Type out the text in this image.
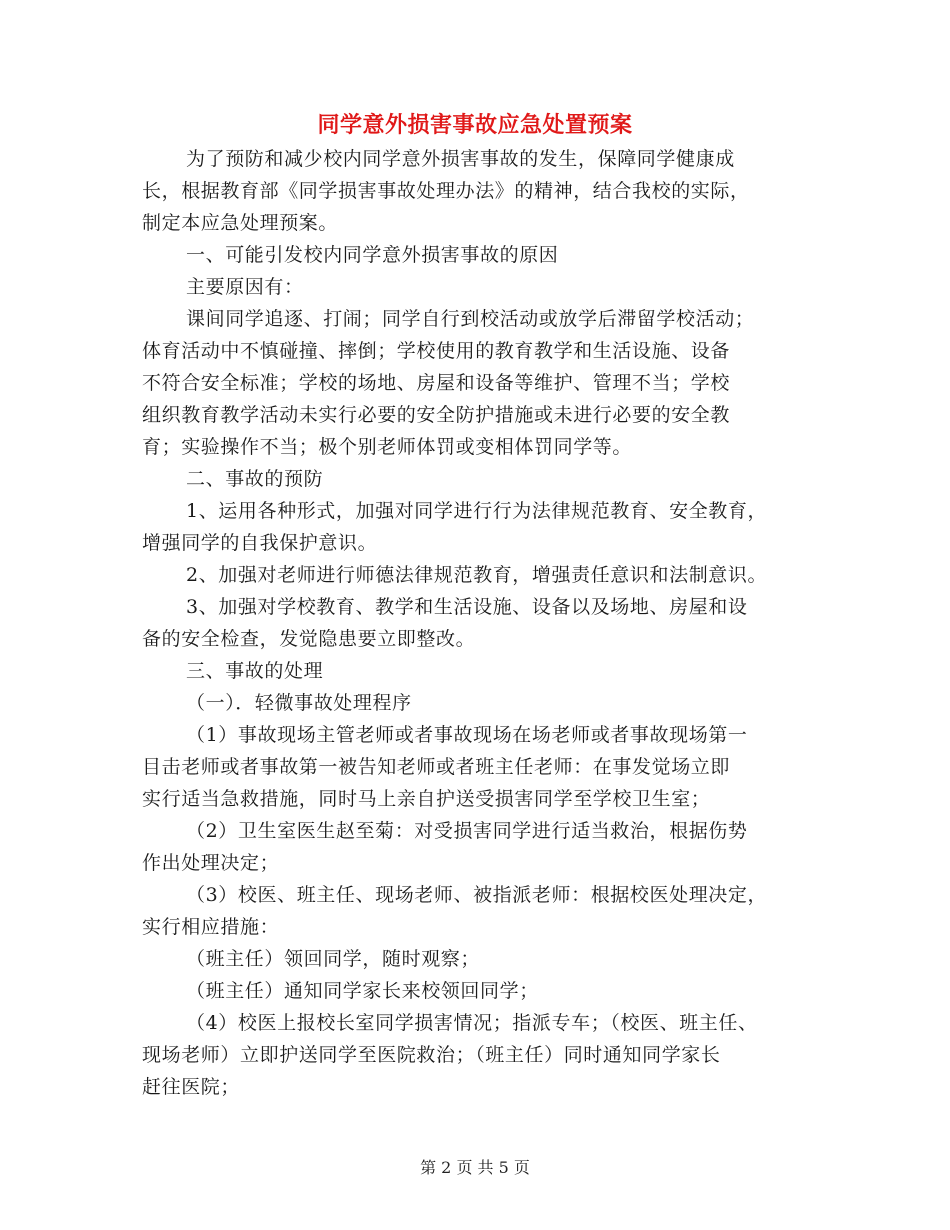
同学意外损害事故应急处置预案
为了预防和减少校内同学意外损害事故的发生，保障同学健康成
长，根据教育部《同学损害事故处理办法》的精神，结合我校的实际，
制定本应急处理预案。
一、可能引发校内同学意外损害事故的原因
主要原因有：
课间同学追逐、打闹；同学自行到校活动或放学后滞留学校活动；
体育活动中不慎碰撞、摔倒；学校使用的教育教学和生活设施、设备
不符合安全标准；学校的场地、房屋和设备等维护、管理不当；学校
组织教育教学活动未实行必要的安全防护措施或未进行必要的安全教
育；实验操作不当；极个别老师体罚或变相体罚同学等。
二、事故的预防
1、运用各种形式，加强对同学进行行为法律规范教育、安全教育，
增强同学的自我保护意识。
2、加强对老师进行师德法律规范教育，增强责任意识和法制意识。
3、加强对学校教育、教学和生活设施、设备以及场地、房屋和设
备的安全检查，发觉隐患要立即整改。
三、事故的处理
（一）．轻微事故处理程序
（1）事故现场主管老师或者事故现场在场老师或者事故现场第一
目击老师或者事故第一被告知老师或者班主任老师：在事发觉场立即
实行适当急救措施，同时马上亲自护送受损害同学至学校卫生室；
（2）卫生室医生赵至菊：对受损害同学进行适当救治，根据伤势
作出处理决定；
（3）校医、班主任、现场老师、被指派老师：根据校医处理决定，
实行相应措施：
（班主任）领回同学，随时观察；
（班主任）通知同学家长来校领回同学；
（4）校医上报校长室同学损害情况；指派专车；（校医、班主任、
现场老师）立即护送同学至医院救治；（班主任）同时通知同学家长
赶往医院；
第 2 页 共 5 页
